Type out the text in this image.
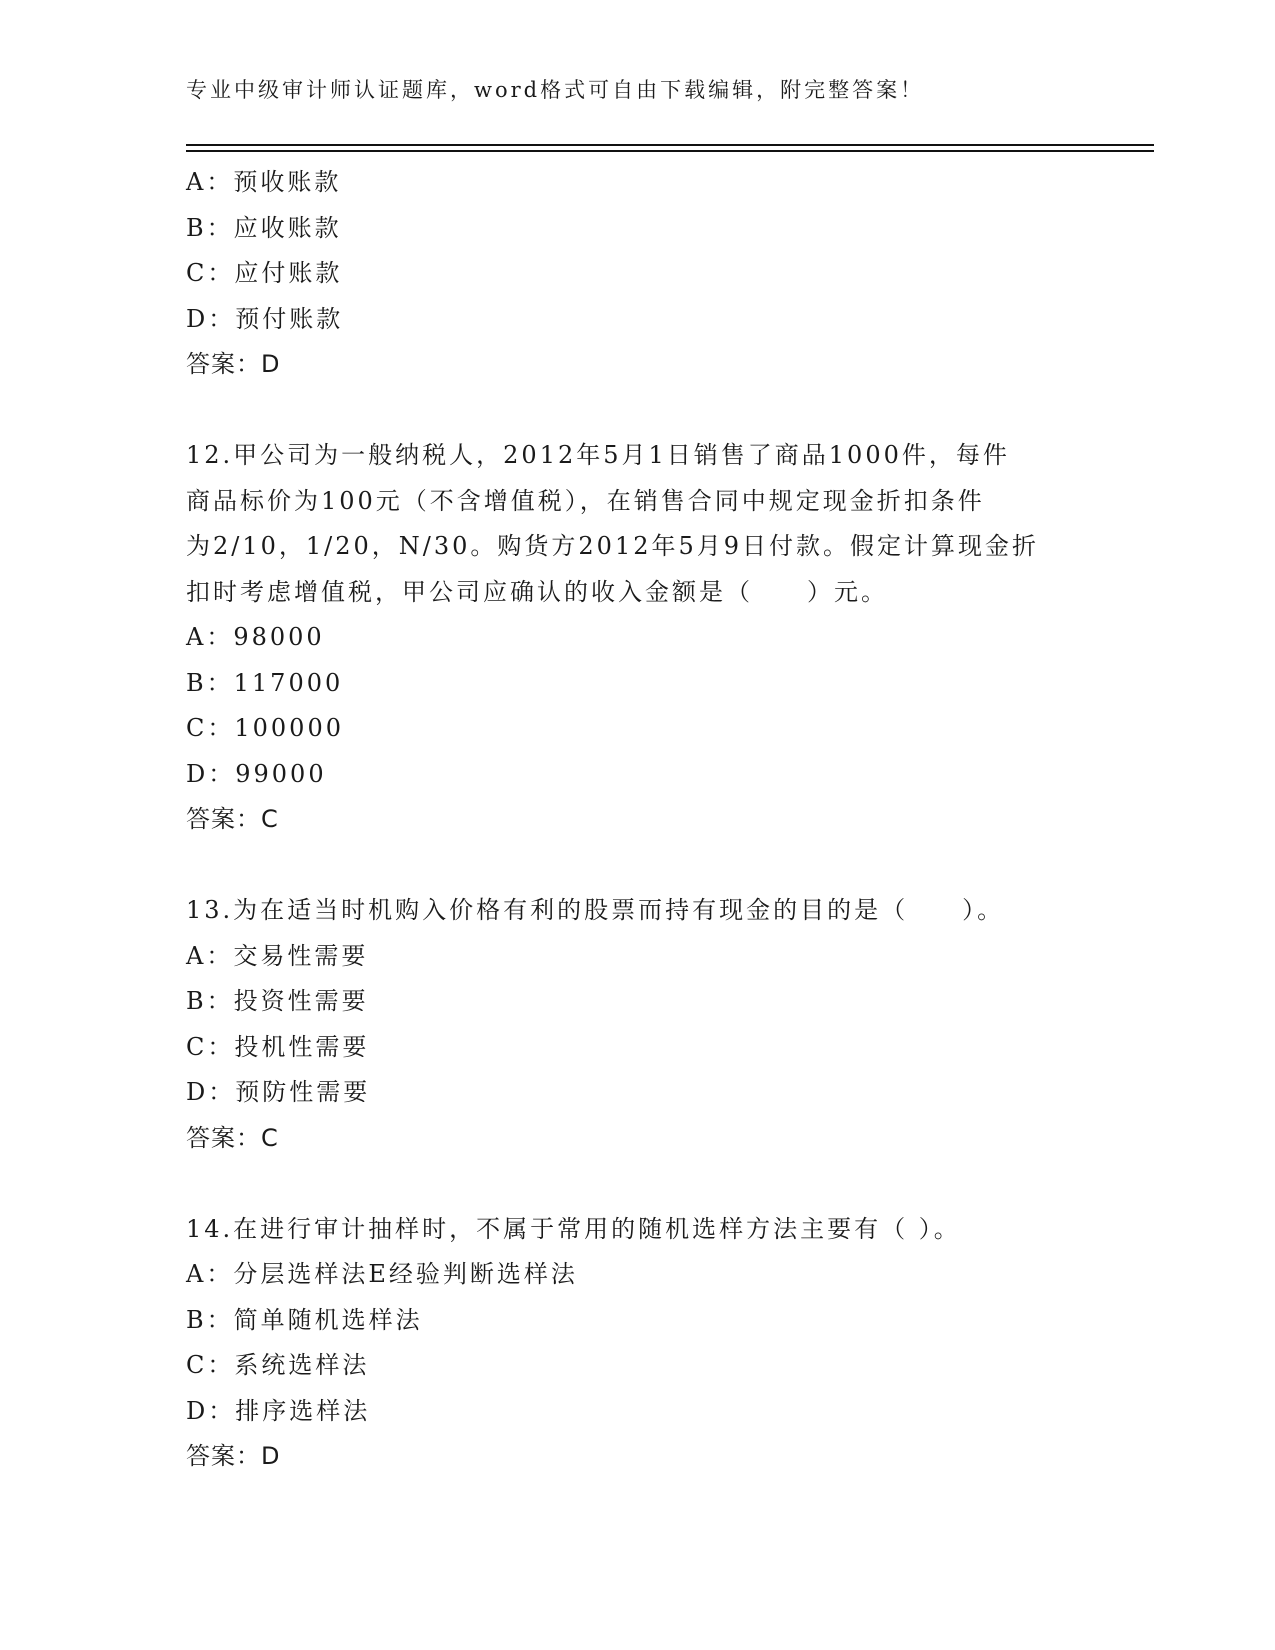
专业中级审计师认证题库，word格式可自由下载编辑，附完整答案！
A：预收账款
B：应收账款
C：应付账款
D：预付账款
答案：D
12.甲公司为一般纳税人，2012年5月1日销售了商品1000件，每件
商品标价为100元（不含增值税），在销售合同中规定现金折扣条件
为2/10，1/20，N/30。购货方2012年5月9日付款。假定计算现金折
扣时考虑增值税，甲公司应确认的收入金额是（　　）元。
A：98000
B：117000
C：100000
D：99000
答案：C
13.为在适当时机购入价格有利的股票而持有现金的目的是（　　）。
A：交易性需要
B：投资性需要
C：投机性需要
D：预防性需要
答案：C
14.在进行审计抽样时，不属于常用的随机选样方法主要有（ ）。
A：分层选样法E经验判断选样法
B：简单随机选样法
C：系统选样法
D：排序选样法
答案：D
